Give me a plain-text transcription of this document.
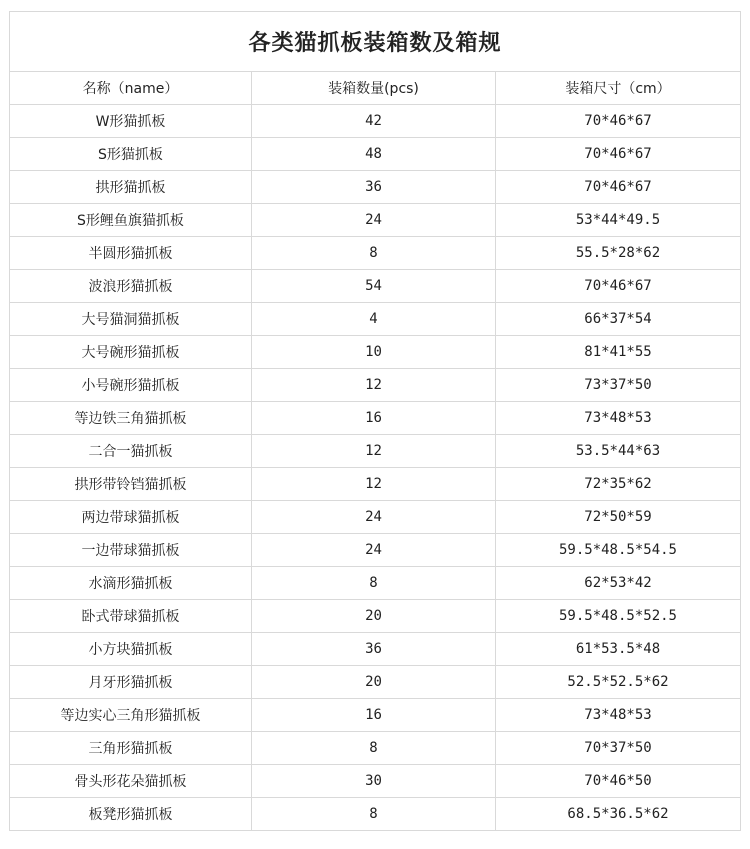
各类猫抓板装箱数及箱规		
名称（name）	装箱数量(pcs)	装箱尺寸（cm）
W形猫抓板	42	70*46*67
S形猫抓板	48	70*46*67
拱形猫抓板	36	70*46*67
S形鲤鱼旗猫抓板	24	53*44*49.5
半圆形猫抓板	8	55.5*28*62
波浪形猫抓板	54	70*46*67
大号猫洞猫抓板	4	66*37*54
大号碗形猫抓板	10	81*41*55
小号碗形猫抓板	12	73*37*50
等边铁三角猫抓板	16	73*48*53
二合一猫抓板	12	53.5*44*63
拱形带铃铛猫抓板	12	72*35*62
两边带球猫抓板	24	72*50*59
一边带球猫抓板	24	59.5*48.5*54.5
水滴形猫抓板	8	62*53*42
卧式带球猫抓板	20	59.5*48.5*52.5
小方块猫抓板	36	61*53.5*48
月牙形猫抓板	20	52.5*52.5*62
等边实心三角形猫抓板	16	73*48*53
三角形猫抓板	8	70*37*50
骨头形花朵猫抓板	30	70*46*50
板凳形猫抓板	8	68.5*36.5*62
